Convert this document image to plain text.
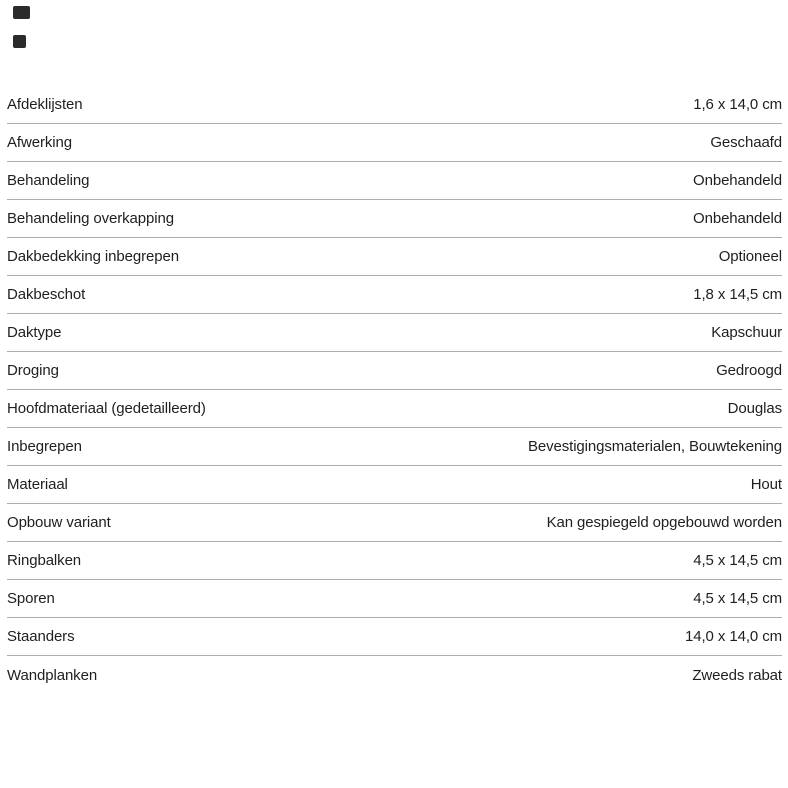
Afdeklijsten	1,6 x 14,0 cm
Afwerking	Geschaafd
Behandeling	Onbehandeld
Behandeling overkapping	Onbehandeld
Dakbedekking inbegrepen	Optioneel
Dakbeschot	1,8 x 14,5 cm
Daktype	Kapschuur
Droging	Gedroogd
Hoofdmateriaal (gedetailleerd)	Douglas
Inbegrepen	Bevestigingsmaterialen, Bouwtekening
Materiaal	Hout
Opbouw variant	Kan gespiegeld opgebouwd worden
Ringbalken	4,5 x 14,5 cm
Sporen	4,5 x 14,5 cm
Staanders	14,0 x 14,0 cm
Wandplanken	Zweeds rabat
